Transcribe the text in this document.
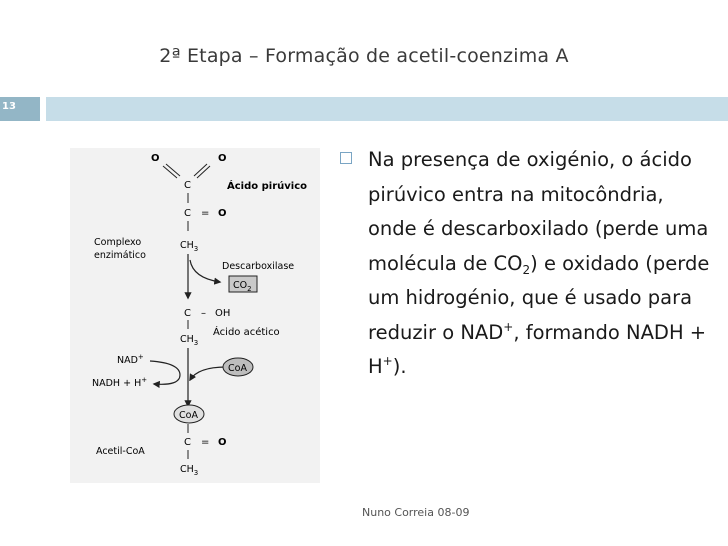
2ª Etapa – Formação de acetil-coenzima A
13
O	O
C	Ácido pirúvico
C = O
Complexo
enzimático
$CH_3$
Descarboxilase
$CO_2$
C – OH
Ácido acético
$CH_3$
NAD+
NADH + H+
CoA
CoA
C = O
Acetil-CoA
$CH_3$
Na presença de oxigénio, o ácido pirúvico entra na mitocôndria, onde é descarboxilado (perde uma molécula de $CO_2$) e oxidado (perde um hidrogénio, que é usado para reduzir o NAD+, formando NADH + H+).
Nuno Correia 08-09
